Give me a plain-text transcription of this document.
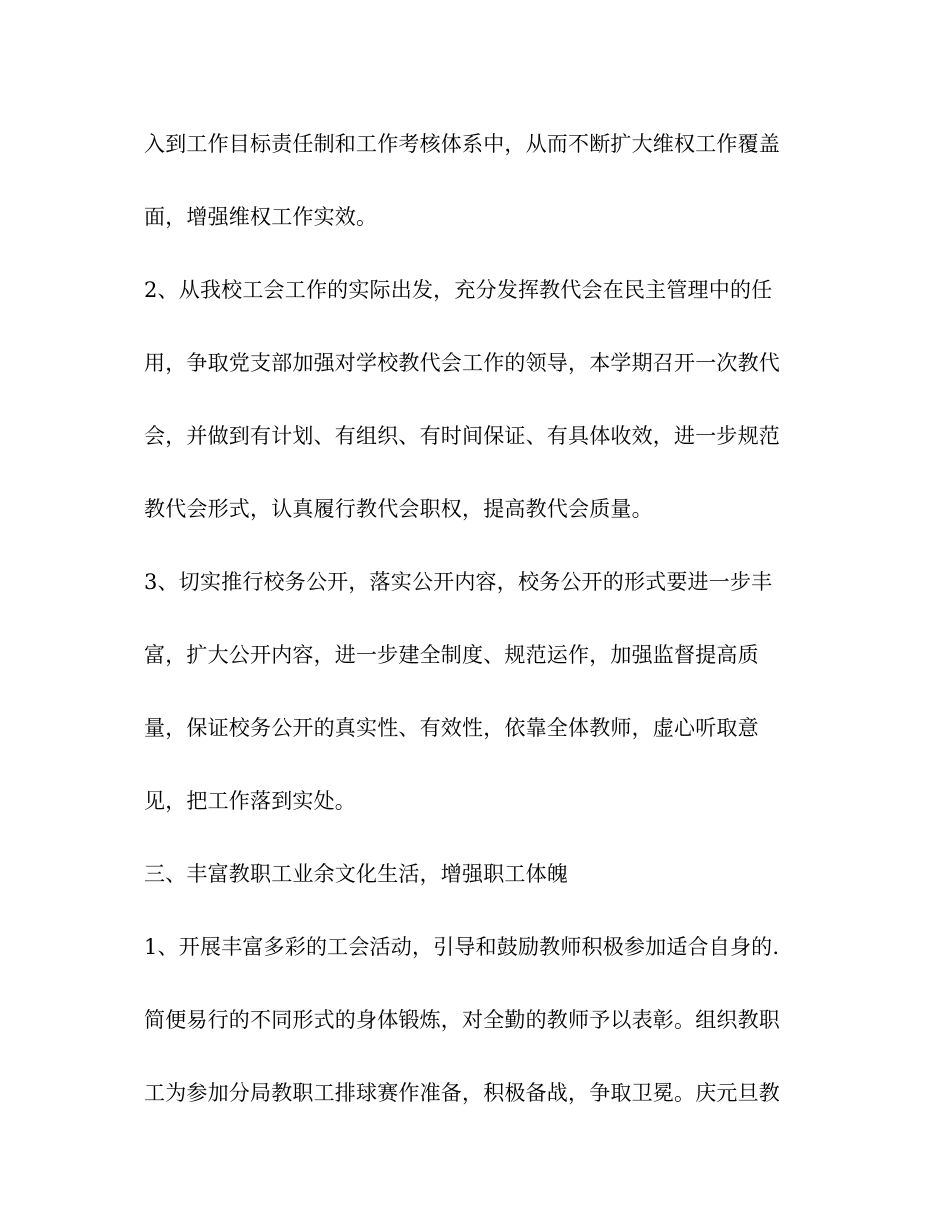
入到工作目标责任制和工作考核体系中，从而不断扩大维权工作覆盖
面，增强维权工作实效。
2、从我校工会工作的实际出发，充分发挥教代会在民主管理中的任
用，争取党支部加强对学校教代会工作的领导，本学期召开一次教代
会，并做到有计划、有组织、有时间保证、有具体收效，进一步规范
教代会形式，认真履行教代会职权，提高教代会质量。
3、切实推行校务公开，落实公开内容，校务公开的形式要进一步丰
富，扩大公开内容，进一步建全制度、规范运作，加强监督提高质
量，保证校务公开的真实性、有效性，依靠全体教师，虚心听取意
见，把工作落到实处。
三、丰富教职工业余文化生活，增强职工体魄
1、开展丰富多彩的工会活动，引导和鼓励教师积极参加适合自身的.
简便易行的不同形式的身体锻炼，对全勤的教师予以表彰。组织教职
工为参加分局教职工排球赛作准备，积极备战，争取卫冕。庆元旦教
